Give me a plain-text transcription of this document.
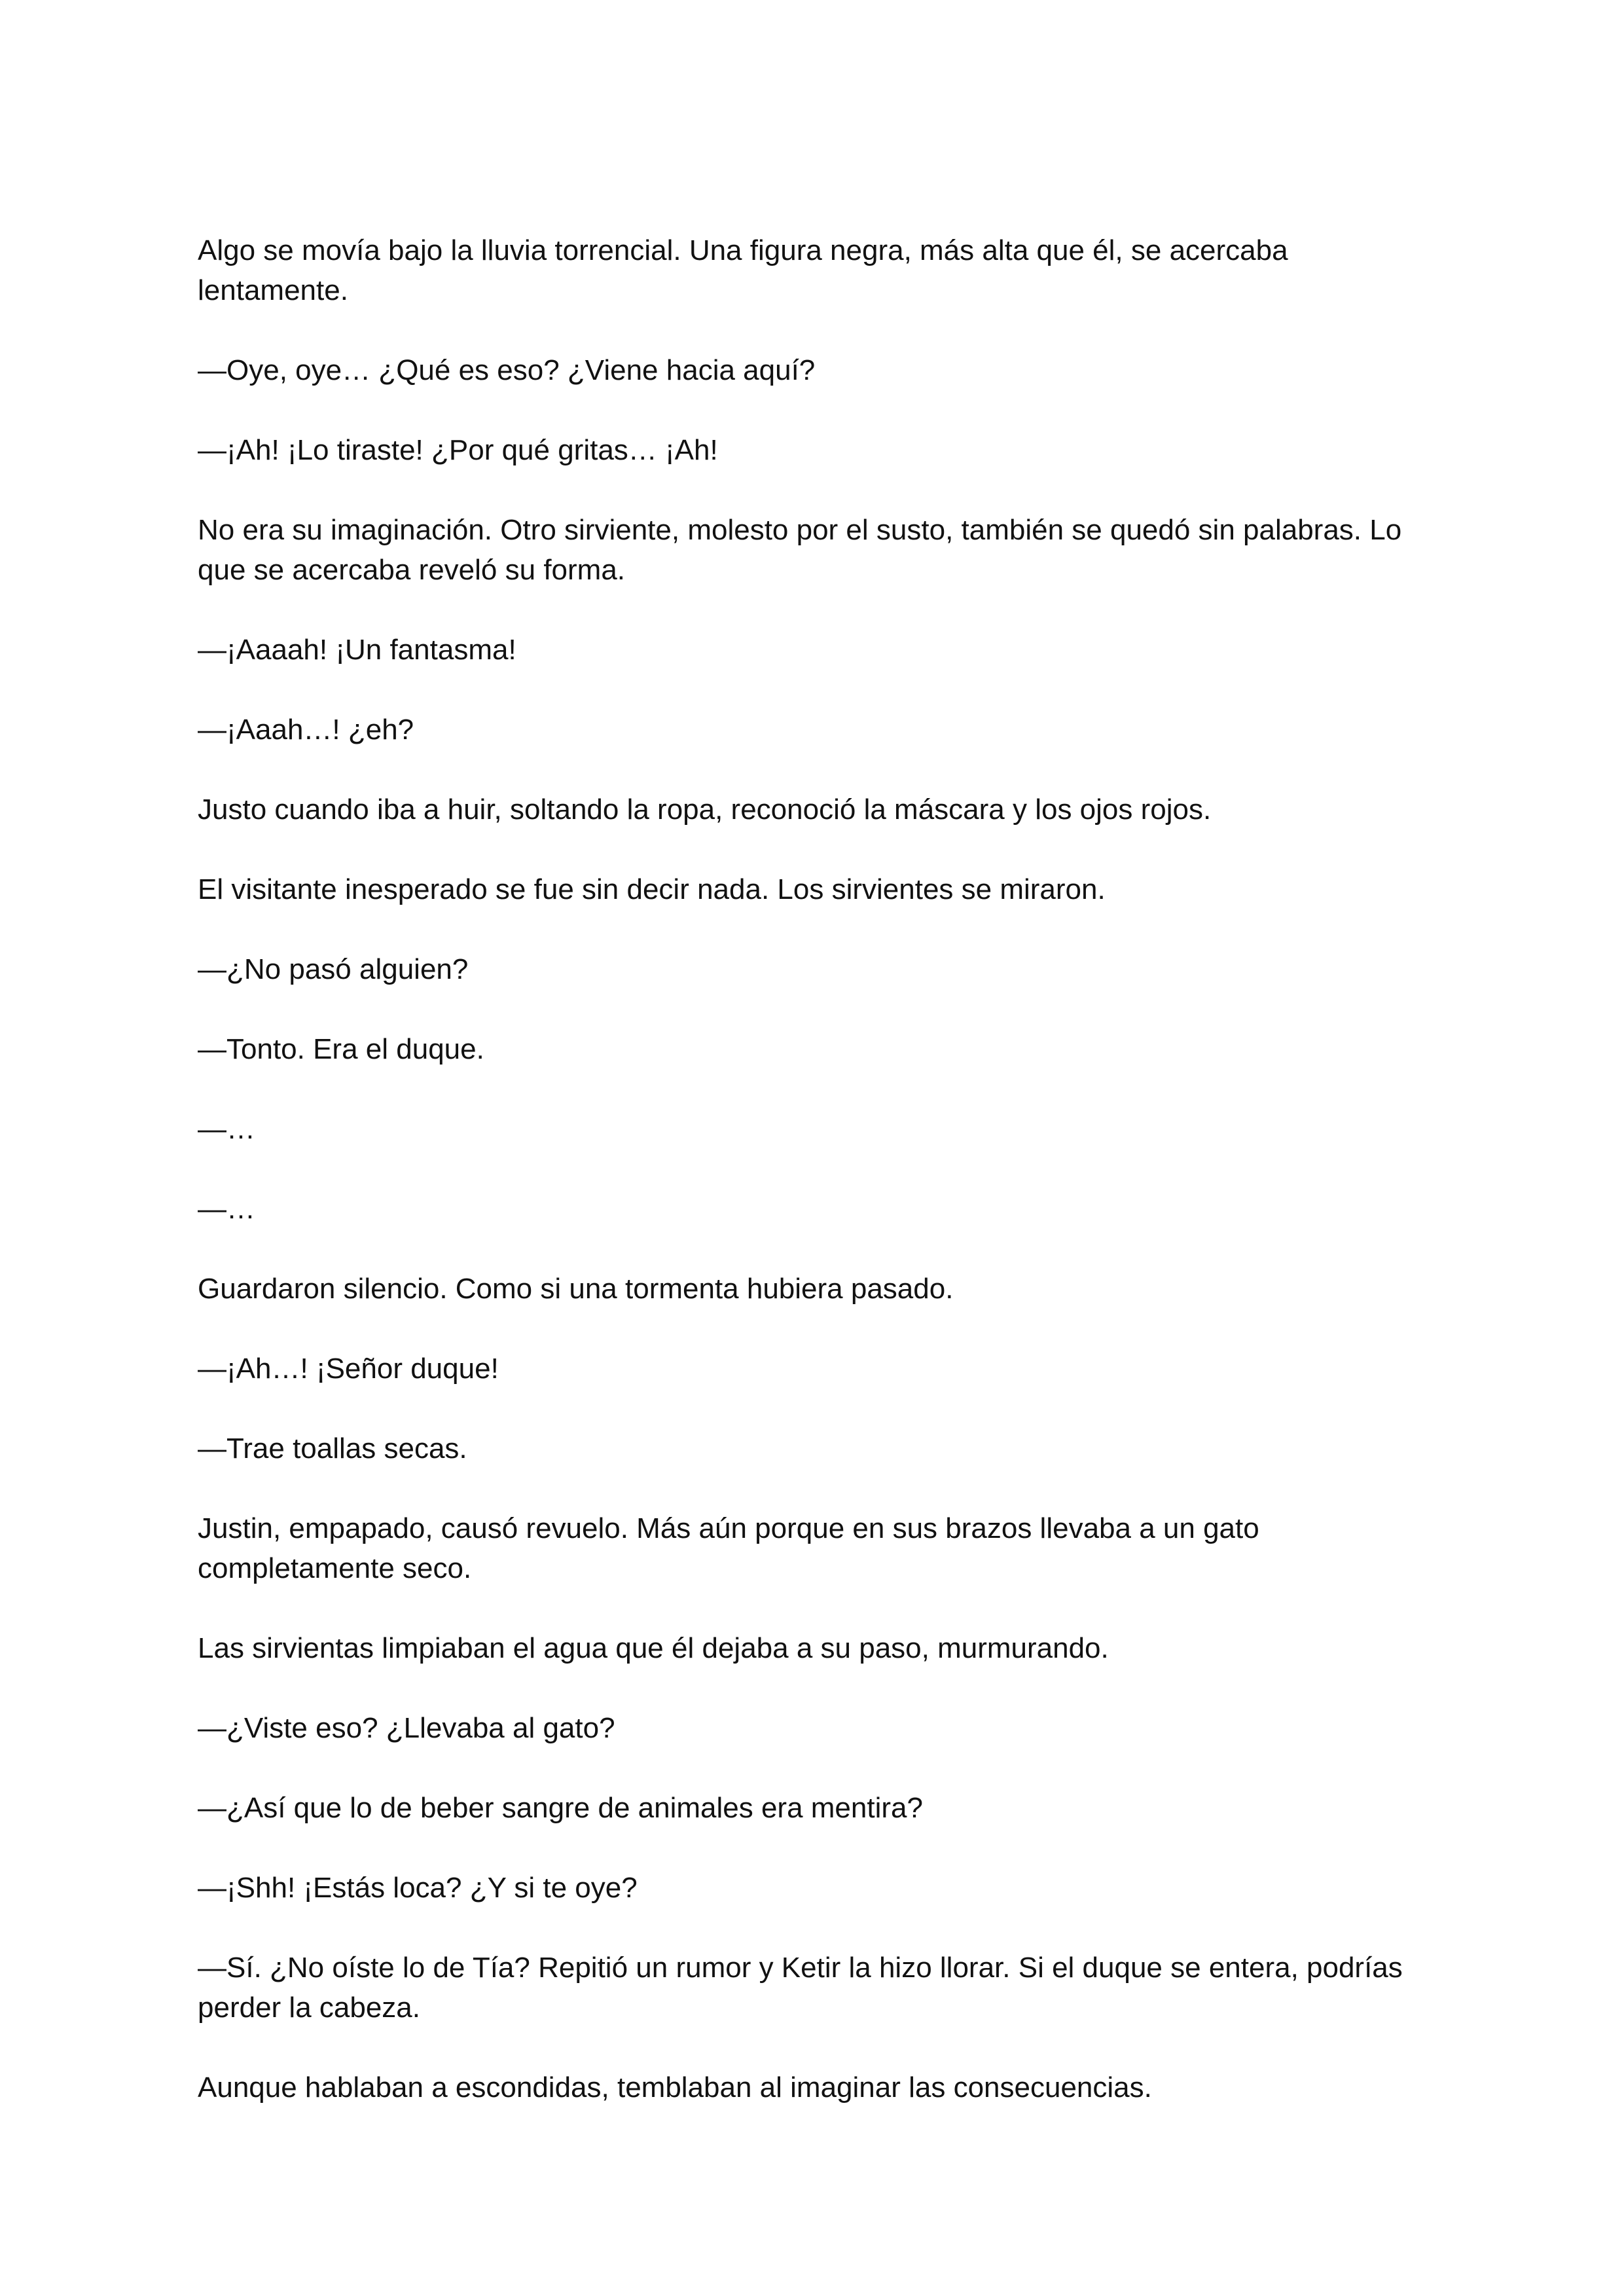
Algo se movía bajo la lluvia torrencial. Una figura negra, más alta que él, se acercaba lentamente.

—Oye, oye… ¿Qué es eso? ¿Viene hacia aquí?

—¡Ah! ¡Lo tiraste! ¿Por qué gritas… ¡Ah!

No era su imaginación. Otro sirviente, molesto por el susto, también se quedó sin palabras. Lo que se acercaba reveló su forma.

—¡Aaaah! ¡Un fantasma!

—¡Aaah…! ¿eh?

Justo cuando iba a huir, soltando la ropa, reconoció la máscara y los ojos rojos.

El visitante inesperado se fue sin decir nada. Los sirvientes se miraron.

—¿No pasó alguien?

—Tonto. Era el duque.

—…

—…

Guardaron silencio. Como si una tormenta hubiera pasado.

—¡Ah…! ¡Señor duque!

—Trae toallas secas.

Justin, empapado, causó revuelo. Más aún porque en sus brazos llevaba a un gato completamente seco.

Las sirvientas limpiaban el agua que él dejaba a su paso, murmurando.

—¿Viste eso? ¿Llevaba al gato?

—¿Así que lo de beber sangre de animales era mentira?

—¡Shh! ¡Estás loca? ¿Y si te oye?

—Sí. ¿No oíste lo de Tía? Repitió un rumor y Ketir la hizo llorar. Si el duque se entera, podrías perder la cabeza.

Aunque hablaban a escondidas, temblaban al imaginar las consecuencias.
